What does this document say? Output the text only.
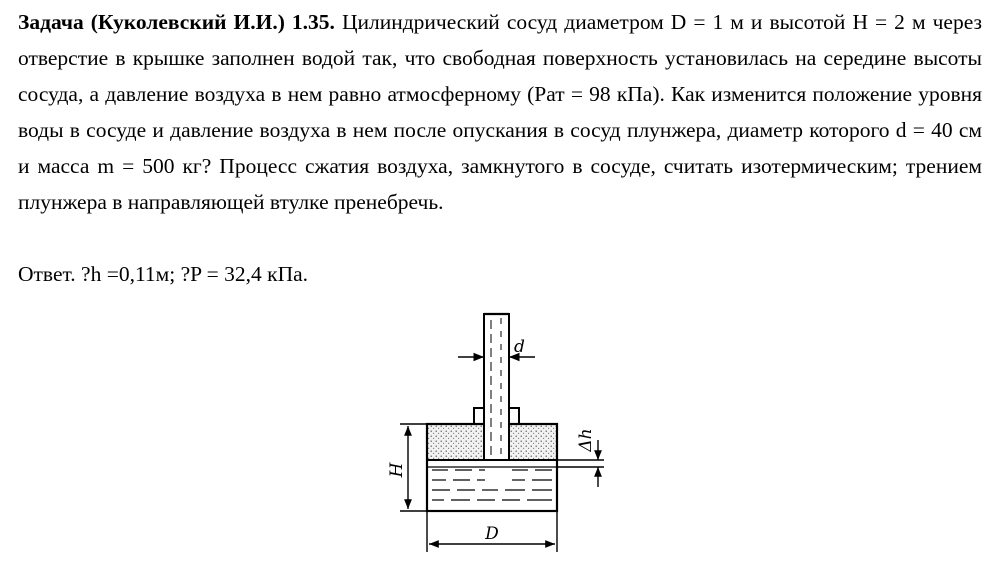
Задача (Куколевский И.И.) 1.35. Цилиндрический сосуд диаметром D = 1 м и высотой H = 2 м через отверстие в крышке заполнен водой так, что свободная поверхность установилась на середине высоты сосуда, а давление воздуха в нем равно атмосферному (Pат = 98 кПа). Как изменится положение уровня воды в сосуде и давление воздуха в нем после опускания в сосуд плунжера, диаметр которого d = 40 см и масса m = 500 кг? Процесс сжатия воздуха, замкнутого в сосуде, считать изотермическим; трением плунжера в направляющей втулке пренебречь.
Ответ. ?h =0,11м; ?P = 32,4 кПа.
d
H
Δh
D
